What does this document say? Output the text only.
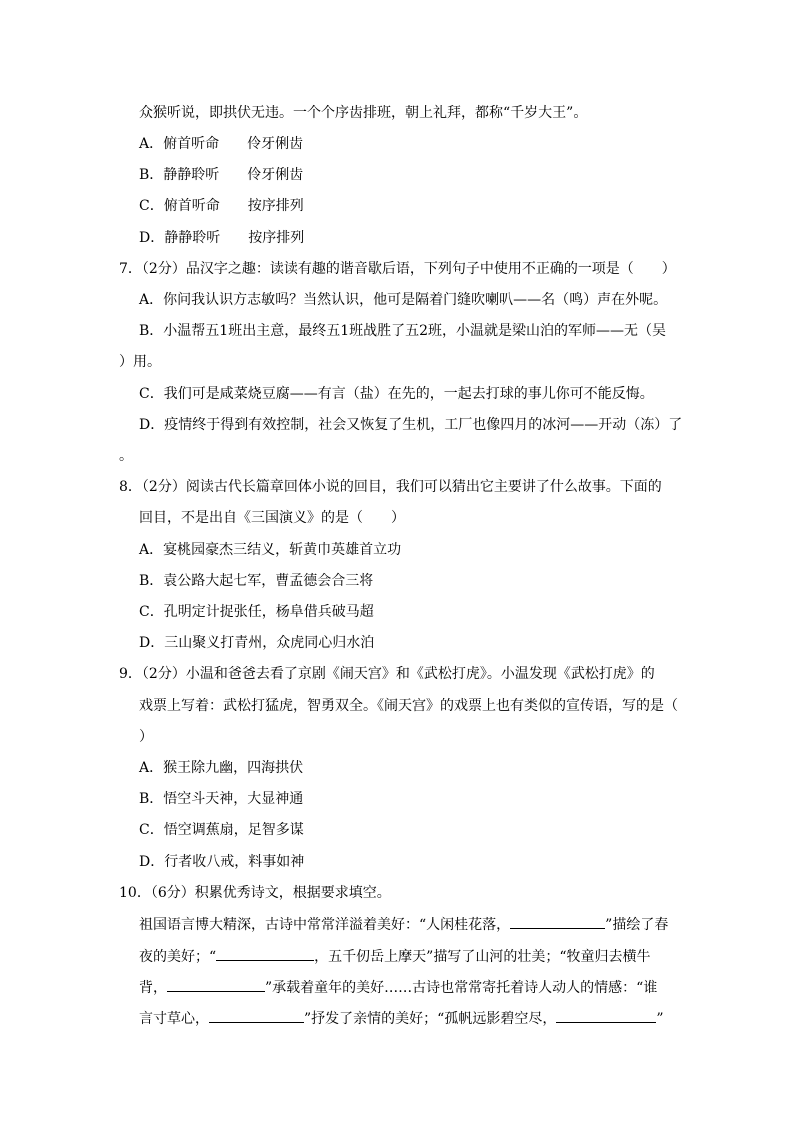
众猴听说，即拱伏无违。一个个序齿排班，朝上礼拜，都称“千岁大王”。
A．俯首听命　　伶牙俐齿
B．静静聆听　　伶牙俐齿
C．俯首听命　　按序排列
D．静静聆听　　按序排列
7．（2分）品汉字之趣：读读有趣的谐音歇后语，下列句子中使用不正确的一项是（　　）
A．你问我认识方志敏吗？当然认识，他可是隔着门缝吹喇叭——名（鸣）声在外呢。
B．小温帮五1班出主意，最终五1班战胜了五2班，小温就是梁山泊的军师——无（吴
）用。
C．我们可是咸菜烧豆腐——有言（盐）在先的，一起去打球的事儿你可不能反悔。
D．疫情终于得到有效控制，社会又恢复了生机，工厂也像四月的冰河——开动（冻）了
。
8．（2分）阅读古代长篇章回体小说的回目，我们可以猜出它主要讲了什么故事。下面的
回目，不是出自《三国演义》的是（　　）
A．宴桃园豪杰三结义，斩黄巾英雄首立功
B．袁公路大起七军，曹孟德会合三将
C．孔明定计捉张任，杨阜借兵破马超
D．三山聚义打青州，众虎同心归水泊
9．（2分）小温和爸爸去看了京剧《闹天宫》和《武松打虎》。小温发现《武松打虎》的
戏票上写着：武松打猛虎，智勇双全。《闹天宫》的戏票上也有类似的宣传语，写的是（
）
A．猴王除九幽，四海拱伏
B．悟空斗天神，大显神通
C．悟空调蕉扇，足智多谋
D．行者收八戒，料事如神
10．（6分）积累优秀诗文，根据要求填空。
祖国语言博大精深，古诗中常常洋溢着美好：“人闲桂花落，	”描绘了春
夜的美好；“	，五千仞岳上摩天”描写了山河的壮美；“牧童归去横牛
背，	”承载着童年的美好……古诗也常常寄托着诗人动人的情感：“谁
言寸草心，	”抒发了亲情的美好；“孤帆远影碧空尽，	”
